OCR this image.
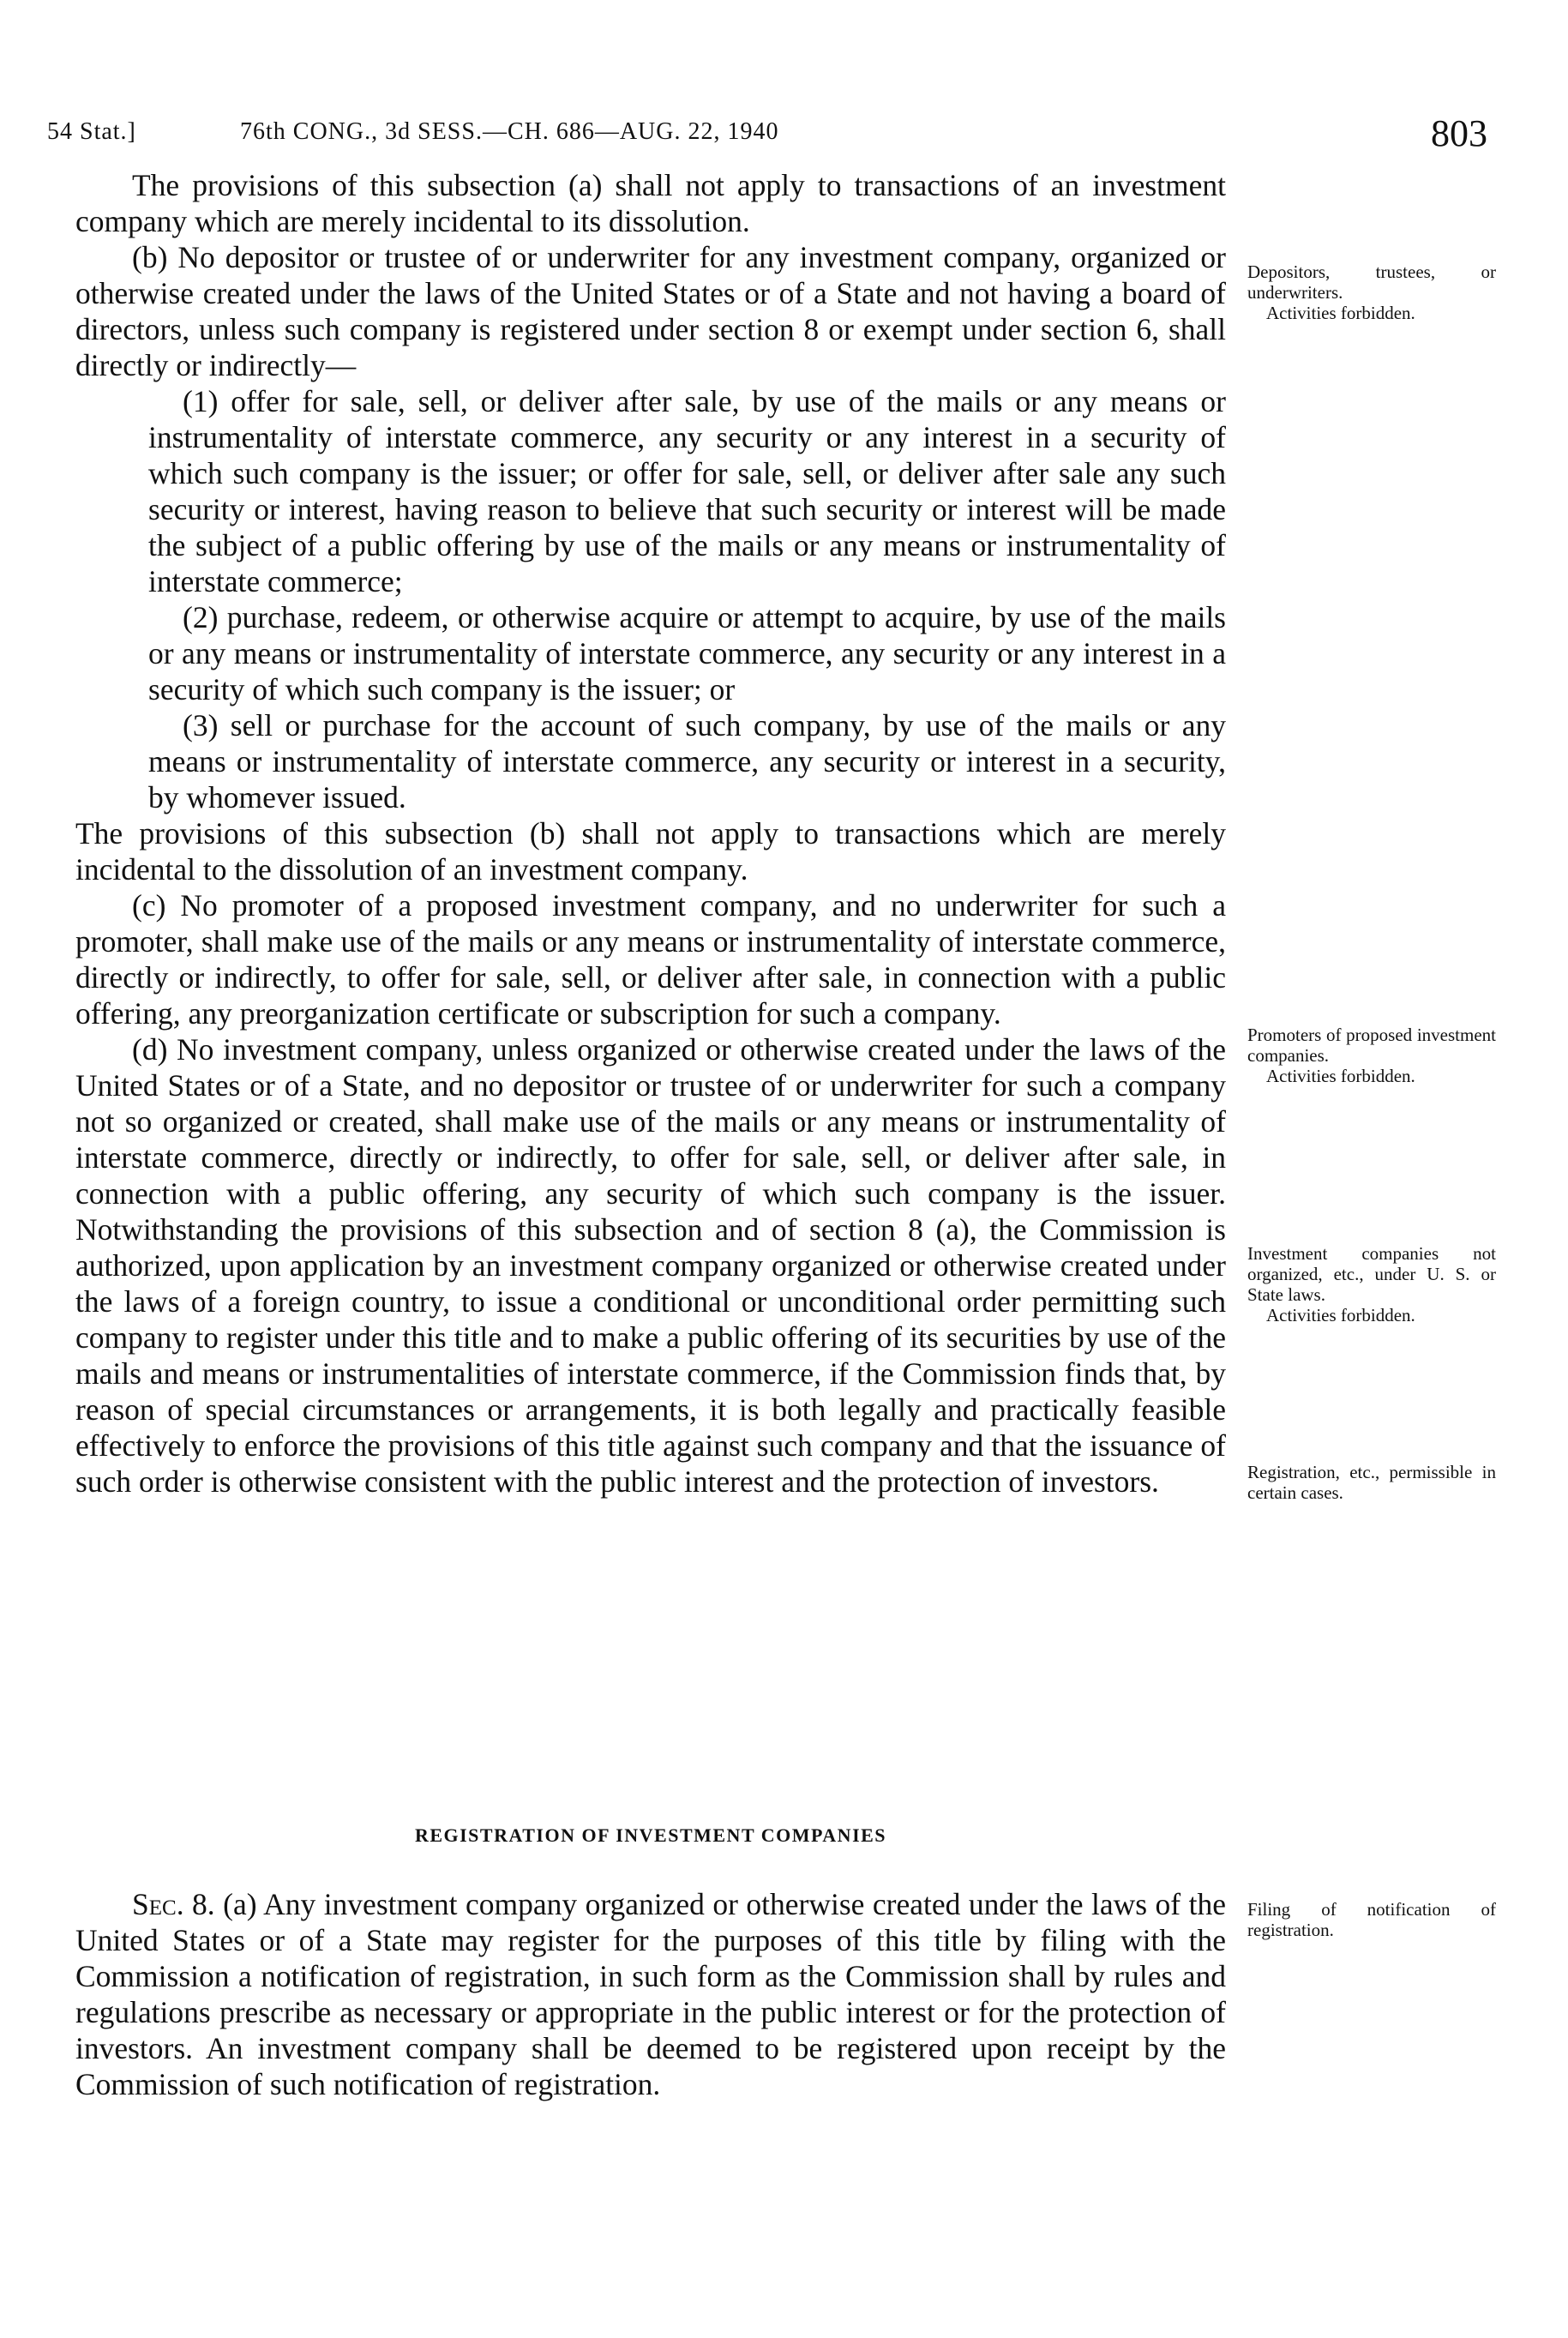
54 Stat.]	76th CONG., 3d SESS.—CH. 686—AUG. 22, 1940	803

The provisions of this subsection (a) shall not apply to transactions of an investment company which are merely incidental to its dissolution.

(b) No depositor or trustee of or underwriter for any investment company, organized or otherwise created under the laws of the United States or of a State and not having a board of directors, unless such company is registered under section 8 or exempt under section 6, shall directly or indirectly—

(1) offer for sale, sell, or deliver after sale, by use of the mails or any means or instrumentality of interstate commerce, any security or any interest in a security of which such company is the issuer; or offer for sale, sell, or deliver after sale any such security or interest, having reason to believe that such security or interest will be made the subject of a public offering by use of the mails or any means or instrumentality of interstate commerce;

(2) purchase, redeem, or otherwise acquire or attempt to acquire, by use of the mails or any means or instrumentality of interstate commerce, any security or any interest in a security of which such company is the issuer; or

(3) sell or purchase for the account of such company, by use of the mails or any means or instrumentality of interstate commerce, any security or interest in a security, by whomever issued.

The provisions of this subsection (b) shall not apply to transactions which are merely incidental to the dissolution of an investment company.

(c) No promoter of a proposed investment company, and no underwriter for such a promoter, shall make use of the mails or any means or instrumentality of interstate commerce, directly or indirectly, to offer for sale, sell, or deliver after sale, in connection with a public offering, any preorganization certificate or subscription for such a company.

(d) No investment company, unless organized or otherwise created under the laws of the United States or of a State, and no depositor or trustee of or underwriter for such a company not so organized or created, shall make use of the mails or any means or instrumentality of interstate commerce, directly or indirectly, to offer for sale, sell, or deliver after sale, in connection with a public offering, any security of which such company is the issuer. Notwithstanding the provisions of this subsection and of section 8 (a), the Commission is authorized, upon application by an investment company organized or otherwise created under the laws of a foreign country, to issue a conditional or unconditional order permitting such company to register under this title and to make a public offering of its securities by use of the mails and means or instrumentalities of interstate commerce, if the Commission finds that, by reason of special circumstances or arrangements, it is both legally and practically feasible effectively to enforce the provisions of this title against such company and that the issuance of such order is otherwise consistent with the public interest and the protection of investors.

REGISTRATION OF INVESTMENT COMPANIES

Sec. 8. (a) Any investment company organized or otherwise created under the laws of the United States or of a State may register for the purposes of this title by filing with the Commission a notification of registration, in such form as the Commission shall by rules and regulations prescribe as necessary or appropriate in the public interest or for the protection of investors. An investment company shall be deemed to be registered upon receipt by the Commission of such notification of registration.

Depositors, trustees, or underwriters.
Activities forbidden.
Promoters of proposed investment companies.
Activities forbidden.
Investment companies not organized, etc., under U. S. or State laws.
Activities forbidden.
Registration, etc., permissible in certain cases.
Filing of notification of registration.
